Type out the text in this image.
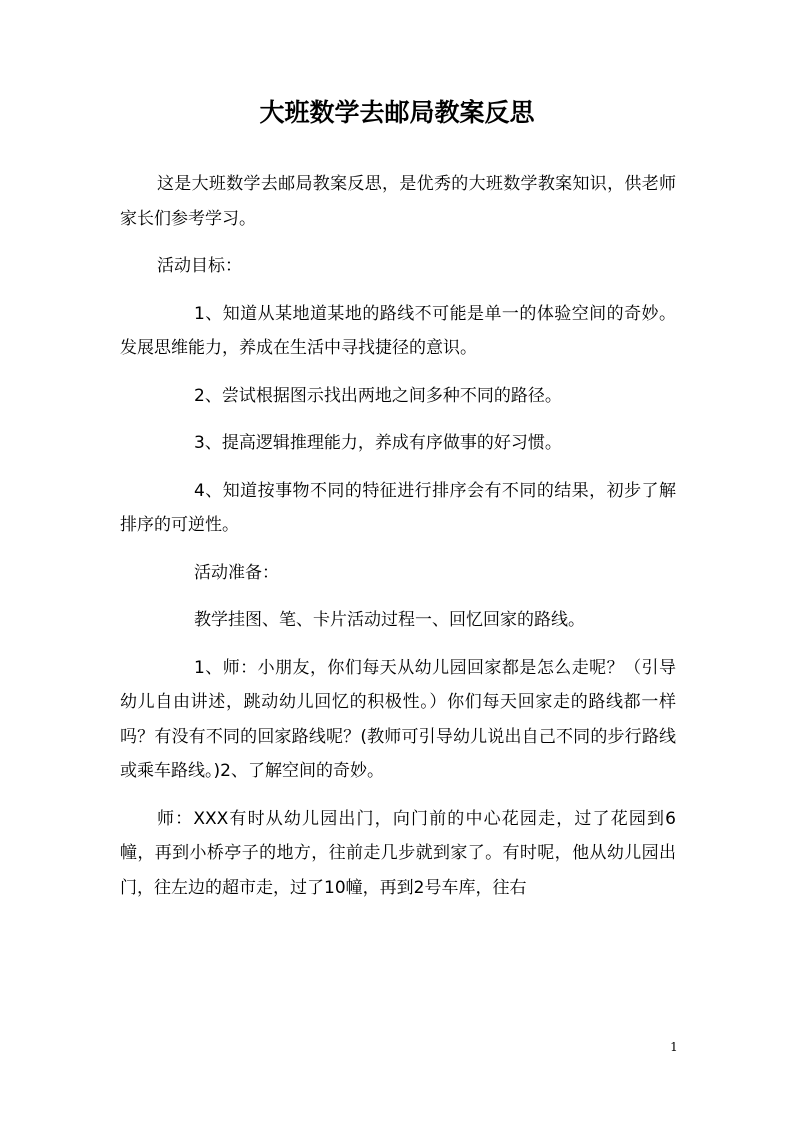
大班数学去邮局教案反思

这是大班数学去邮局教案反思，是优秀的大班数学教案知识，供老师家长们参考学习。

活动目标：

1、知道从某地道某地的路线不可能是单一的体验空间的奇妙。发展思维能力，养成在生活中寻找捷径的意识。

2、尝试根据图示找出两地之间多种不同的路径。

3、提高逻辑推理能力，养成有序做事的好习惯。

4、知道按事物不同的特征进行排序会有不同的结果，初步了解排序的可逆性。

活动准备：

教学挂图、笔、卡片活动过程一、回忆回家的路线。

1、师：小朋友，你们每天从幼儿园回家都是怎么走呢？（引导幼儿自由讲述，跳动幼儿回忆的积极性。）你们每天回家走的路线都一样吗？有没有不同的回家路线呢？(教师可引导幼儿说出自己不同的步行路线或乘车路线。)2、了解空间的奇妙。

师：XXX有时从幼儿园出门，向门前的中心花园走，过了花园到6幢，再到小桥亭子的地方，往前走几步就到家了。有时呢，他从幼儿园出门，往左边的超市走，过了10幢，再到2号车库，往右

1
